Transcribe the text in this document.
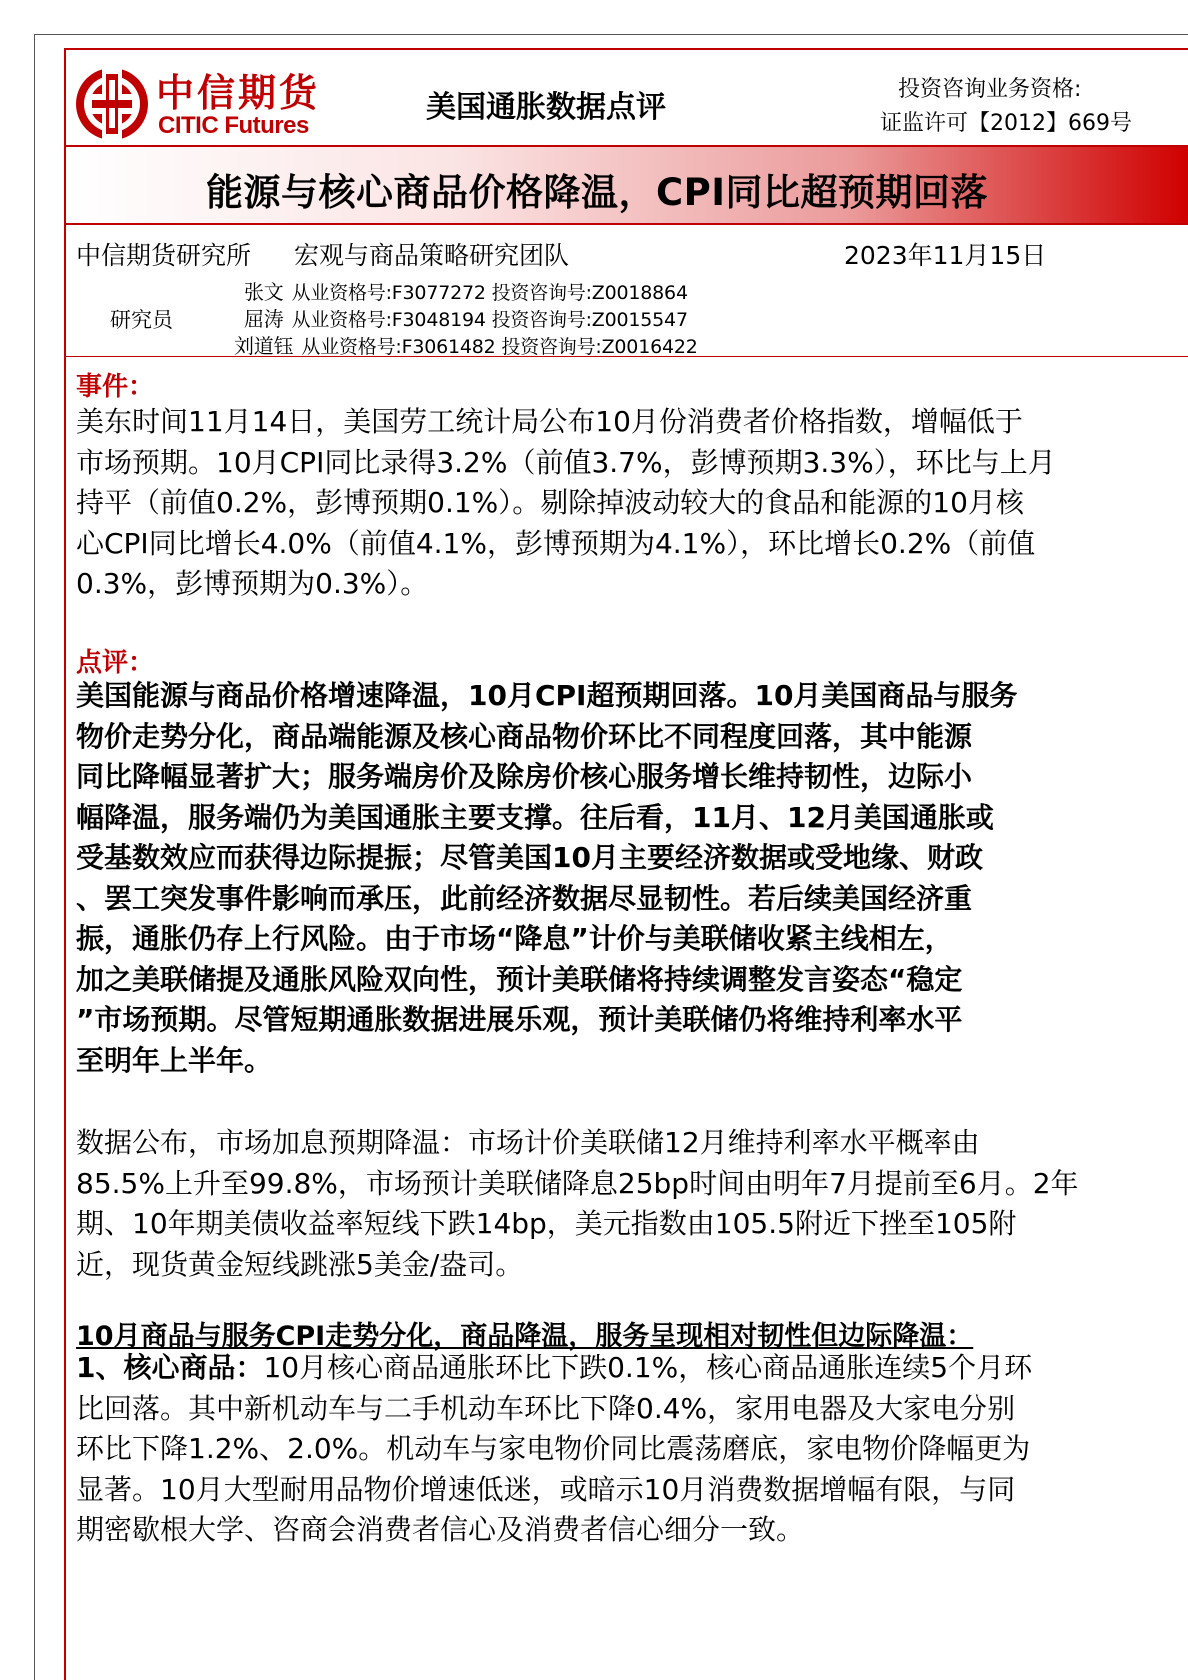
中信期货
CITIC Futures
美国通胀数据点评
投资咨询业务资格:
证监许可【2012】669号
能源与核心商品价格降温，CPI同比超预期回落
中信期货研究所 宏观与商品策略研究团队	2023年11月15日
研究员
张文 从业资格号:F3077272 投资咨询号:Z0018864
屈涛 从业资格号:F3048194 投资咨询号:Z0015547
刘道钰 从业资格号:F3061482 投资咨询号:Z0016422
事件：

美东时间11月14日，美国劳工统计局公布10月份消费者价格指数，增幅低于
市场预期。10月CPI同比录得3.2%（前值3.7%，彭博预期3.3%），环比与上月
持平（前值0.2%，彭博预期0.1%）。剔除掉波动较大的食品和能源的10月核
心CPI同比增长4.0%（前值4.1%，彭博预期为4.1%），环比增长0.2%（前值
0.3%，彭博预期为0.3%）。

点评：

美国能源与商品价格增速降温，10月CPI超预期回落。10月美国商品与服务
物价走势分化，商品端能源及核心商品物价环比不同程度回落，其中能源
同比降幅显著扩大；服务端房价及除房价核心服务增长维持韧性，边际小
幅降温，服务端仍为美国通胀主要支撑。往后看，11月、12月美国通胀或
受基数效应而获得边际提振；尽管美国10月主要经济数据或受地缘、财政
、罢工突发事件影响而承压，此前经济数据尽显韧性。若后续美国经济重
振，通胀仍存上行风险。由于市场“降息”计价与美联储收紧主线相左，
加之美联储提及通胀风险双向性，预计美联储将持续调整发言姿态“稳定
”市场预期。尽管短期通胀数据进展乐观，预计美联储仍将维持利率水平
至明年上半年。

数据公布，市场加息预期降温：市场计价美联储12月维持利率水平概率由
85.5%上升至99.8%，市场预计美联储降息25bp时间由明年7月提前至6月。2年
期、10年期美债收益率短线下跌14bp，美元指数由105.5附近下挫至105附
近，现货黄金短线跳涨5美金/盎司。

10月商品与服务CPI走势分化，商品降温，服务呈现相对韧性但边际降温：

1、核心商品：10月核心商品通胀环比下跌0.1%，核心商品通胀连续5个月环
比回落。其中新机动车与二手机动车环比下降0.4%，家用电器及大家电分别
环比下降1.2%、2.0%。机动车与家电物价同比震荡磨底，家电物价降幅更为
显著。10月大型耐用品物价增速低迷，或暗示10月消费数据增幅有限，与同
期密歇根大学、咨商会消费者信心及消费者信心细分一致。
